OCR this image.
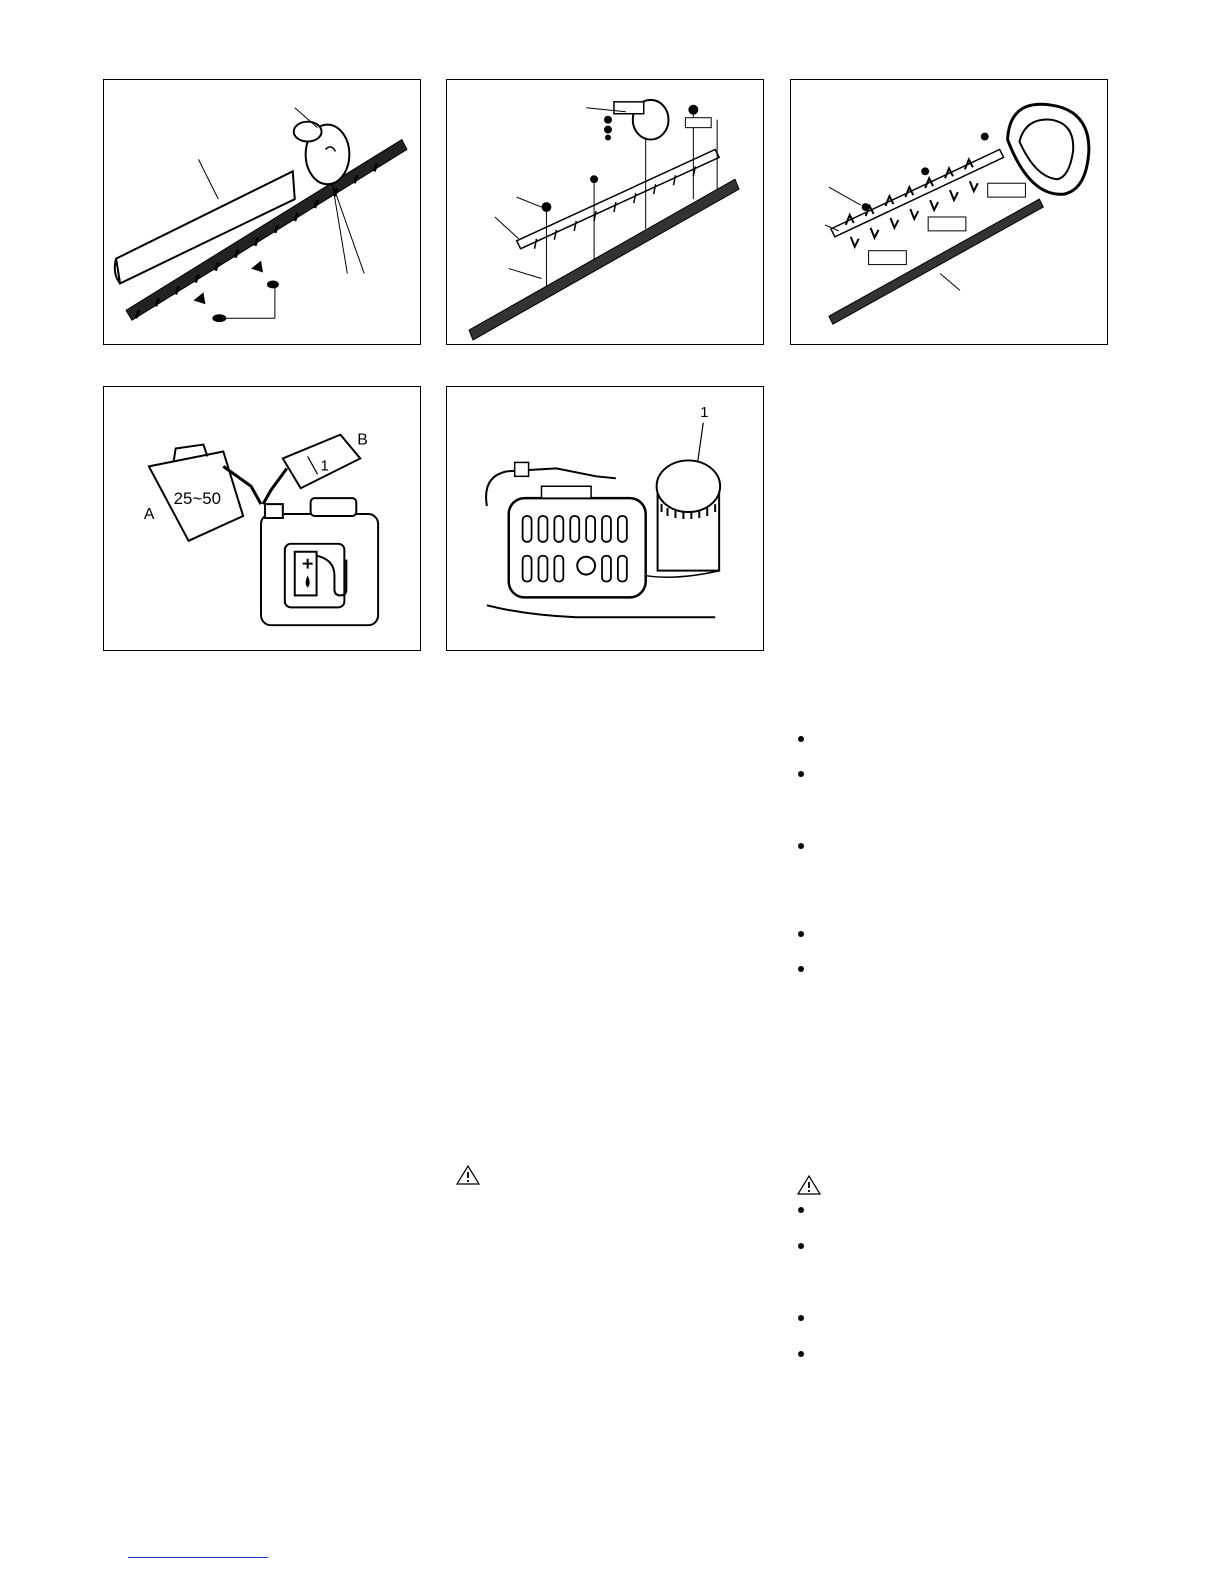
25~50
A
1
B
1
